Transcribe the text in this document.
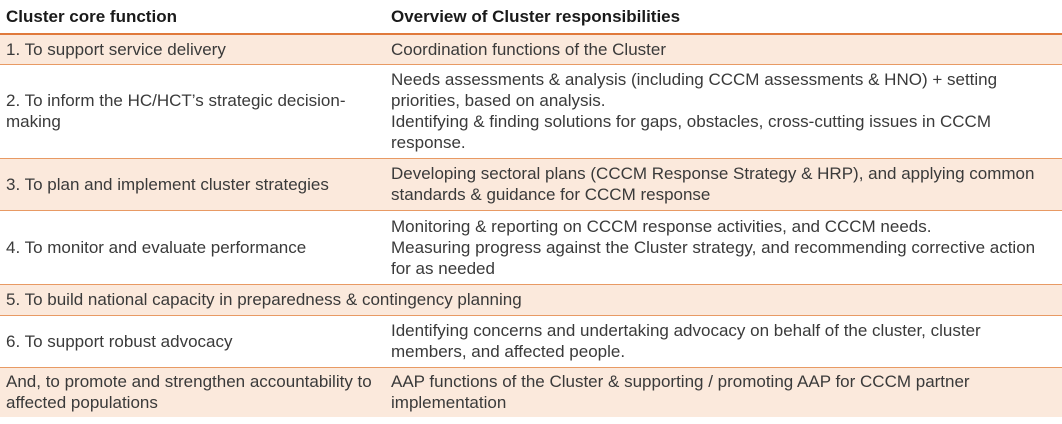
Cluster core function	Overview of Cluster responsibilities
1. To support service delivery	Coordination functions of the Cluster

2. To inform the HC/HCT’s strategic decision-making	Needs assessments & analysis (including CCCM assessments & HNO) + setting priorities, based on analysis.
Identifying & finding solutions for gaps, obstacles, cross-cutting issues in CCCM response.

3. To plan and implement cluster strategies	Developing sectoral plans (CCCM Response Strategy & HRP), and applying common standards & guidance for CCCM response

4. To monitor and evaluate performance	Monitoring & reporting on CCCM response activities, and CCCM needs.
Measuring progress against the Cluster strategy, and recommending corrective action for as needed

5. To build national capacity in preparedness & contingency planning	
6. To support robust advocacy	Identifying concerns and undertaking advocacy on behalf of the cluster, cluster members, and affected people.

And, to promote and strengthen accountability to affected populations	AAP functions of the Cluster & supporting / promoting AAP for CCCM partner implementation
